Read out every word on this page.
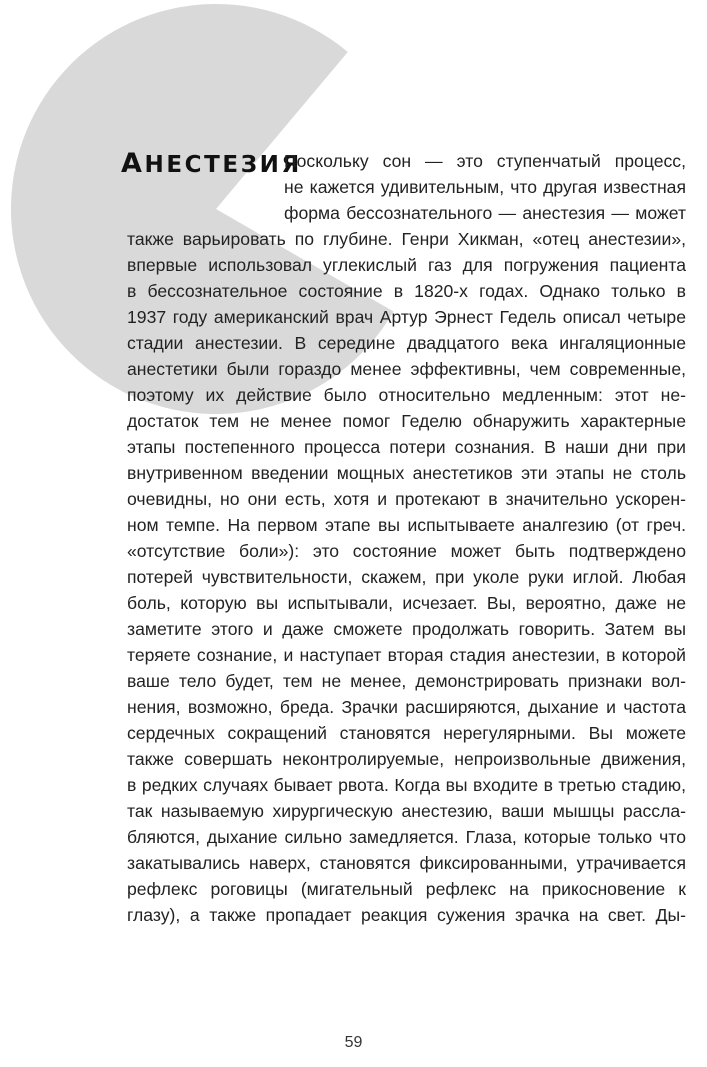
АНЕСТЕЗИЯ
Поскольку сон — это ступенчатый процесс,
не кажется удивительным, что другая известная
форма бессознательного — анестезия — может
также варьировать по глубине. Генри Хикман, «отец анестезии»,
впервые использовал углекислый газ для погружения пациента
в бессознательное состояние в 1820-х годах. Однако только в
1937 году американский врач Артур Эрнест Гедель описал четыре
стадии анестезии. В середине двадцатого века ингаляционные
анестетики были гораздо менее эффективны, чем современные,
поэтому их действие было относительно медленным: этот не-
достаток тем не менее помог Геделю обнаружить характерные
этапы постепенного процесса потери сознания. В наши дни при
внутривенном введении мощных анестетиков эти этапы не столь
очевидны, но они есть, хотя и протекают в значительно ускорен-
ном темпе. На первом этапе вы испытываете аналгезию (от греч.
«отсутствие боли»): это состояние может быть подтверждено
потерей чувствительности, скажем, при уколе руки иглой. Любая
боль, которую вы испытывали, исчезает. Вы, вероятно, даже не
заметите этого и даже сможете продолжать говорить. Затем вы
теряете сознание, и наступает вторая стадия анестезии, в которой
ваше тело будет, тем не менее, демонстрировать признаки вол-
нения, возможно, бреда. Зрачки расширяются, дыхание и частота
сердечных сокращений становятся нерегулярными. Вы можете
также совершать неконтролируемые, непроизвольные движения,
в редких случаях бывает рвота. Когда вы входите в третью стадию,
так называемую хирургическую анестезию, ваши мышцы рассла-
бляются, дыхание сильно замедляется. Глаза, которые только что
закатывались наверх, становятся фиксированными, утрачивается
рефлекс роговицы (мигательный рефлекс на прикосновение к
глазу), а также пропадает реакция сужения зрачка на свет. Ды-
59
